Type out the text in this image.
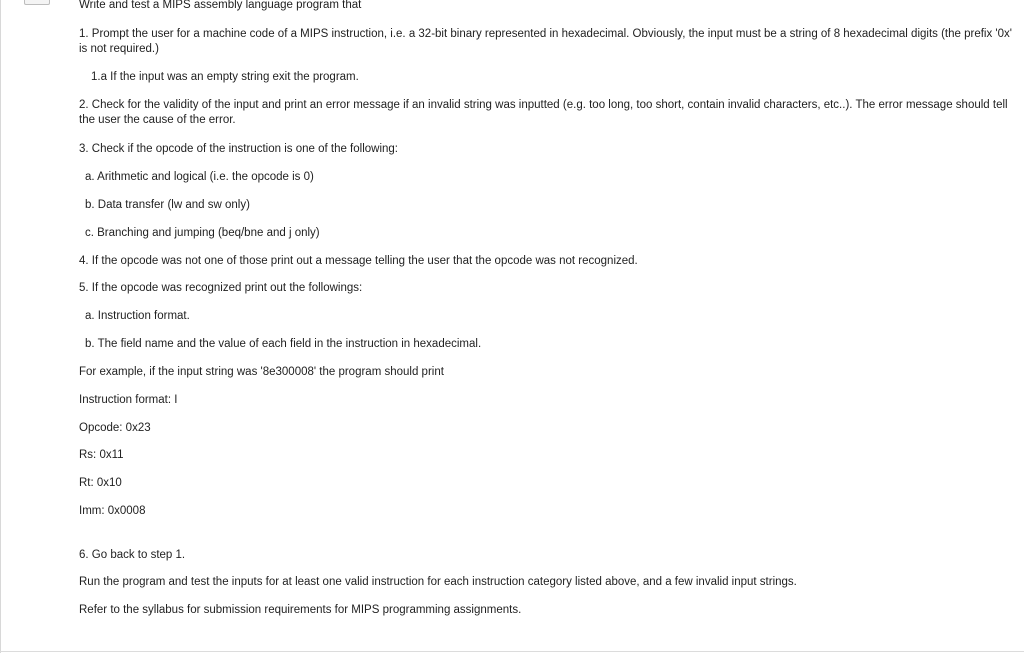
Write and test a MIPS assembly language program that
1. Prompt the user for a machine code of a MIPS instruction, i.e. a 32-bit binary represented in hexadecimal. Obviously, the input must be a string of 8 hexadecimal digits (the prefix '0x' is not required.)
1.a If the input was an empty string exit the program.
2. Check for the validity of the input and print an error message if an invalid string was inputted (e.g. too long, too short, contain invalid characters, etc..). The error message should tell the user the cause of the error.
3. Check if the opcode of the instruction is one of the following:
a. Arithmetic and logical (i.e. the opcode is 0)
b. Data transfer (lw and sw only)
c. Branching and jumping (beq/bne and j only)
4. If the opcode was not one of those print out a message telling the user that the opcode was not recognized.
5. If the opcode was recognized print out the followings:
a. Instruction format.
b. The field name and the value of each field in the instruction in hexadecimal.
For example, if the input string was '8e300008' the program should print
Instruction format: I
Opcode: 0x23
Rs: 0x11
Rt: 0x10
Imm: 0x0008
6. Go back to step 1.
Run the program and test the inputs for at least one valid instruction for each instruction category listed above, and a few invalid input strings.
Refer to the syllabus for submission requirements for MIPS programming assignments.
